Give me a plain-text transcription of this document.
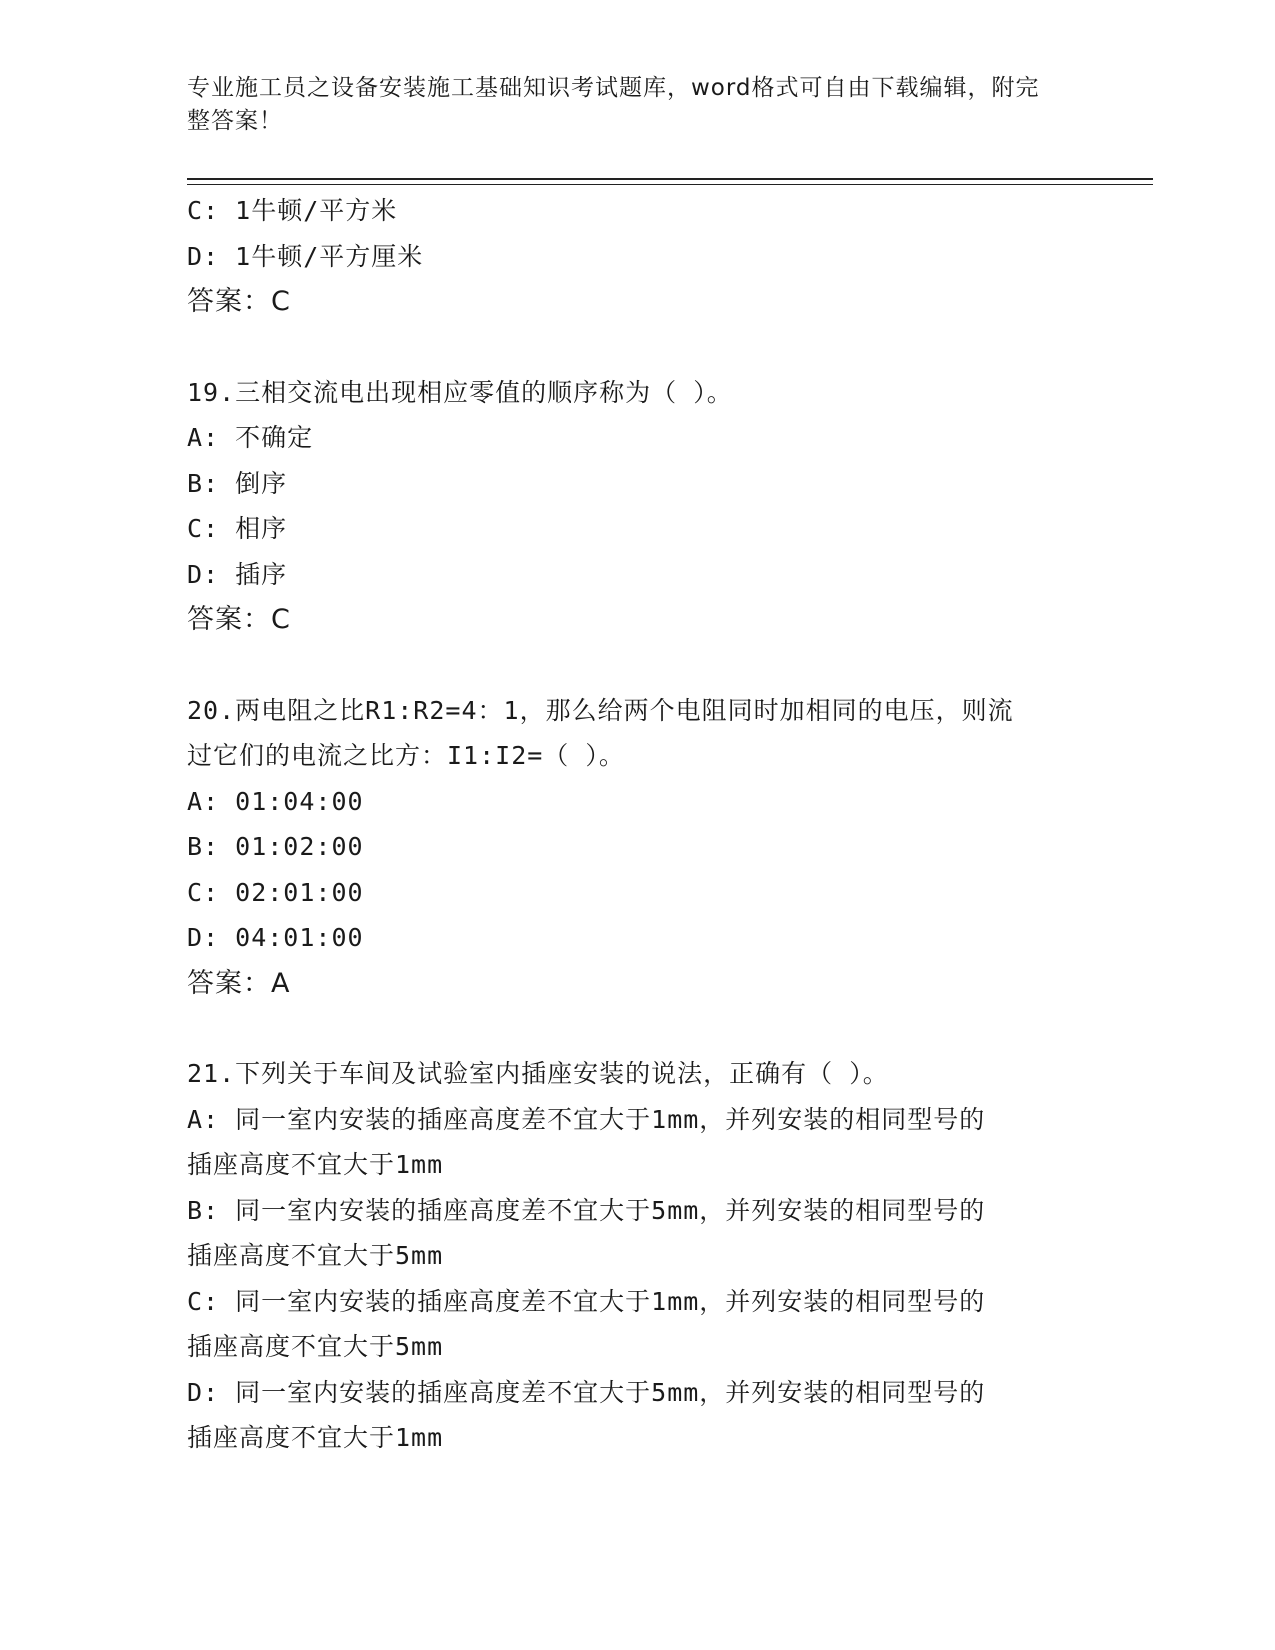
专业施工员之设备安装施工基础知识考试题库，word格式可自由下载编辑，附完
整答案！
C: 1牛顿/平方米
D: 1牛顿/平方厘米
答案：C
19.三相交流电出现相应零值的顺序称为（ ）。
A: 不确定
B: 倒序
C: 相序
D: 插序
答案：C
20.两电阻之比R1:R2=4：1，那么给两个电阻同时加相同的电压，则流
过它们的电流之比方：I1:I2=（ ）。
A: 01:04:00
B: 01:02:00
C: 02:01:00
D: 04:01:00
答案：A
21.下列关于车间及试验室内插座安装的说法，正确有（ ）。
A: 同一室内安装的插座高度差不宜大于1mm，并列安装的相同型号的
插座高度不宜大于1mm
B: 同一室内安装的插座高度差不宜大于5mm，并列安装的相同型号的
插座高度不宜大于5mm
C: 同一室内安装的插座高度差不宜大于1mm，并列安装的相同型号的
插座高度不宜大于5mm
D: 同一室内安装的插座高度差不宜大于5mm，并列安装的相同型号的
插座高度不宜大于1mm
